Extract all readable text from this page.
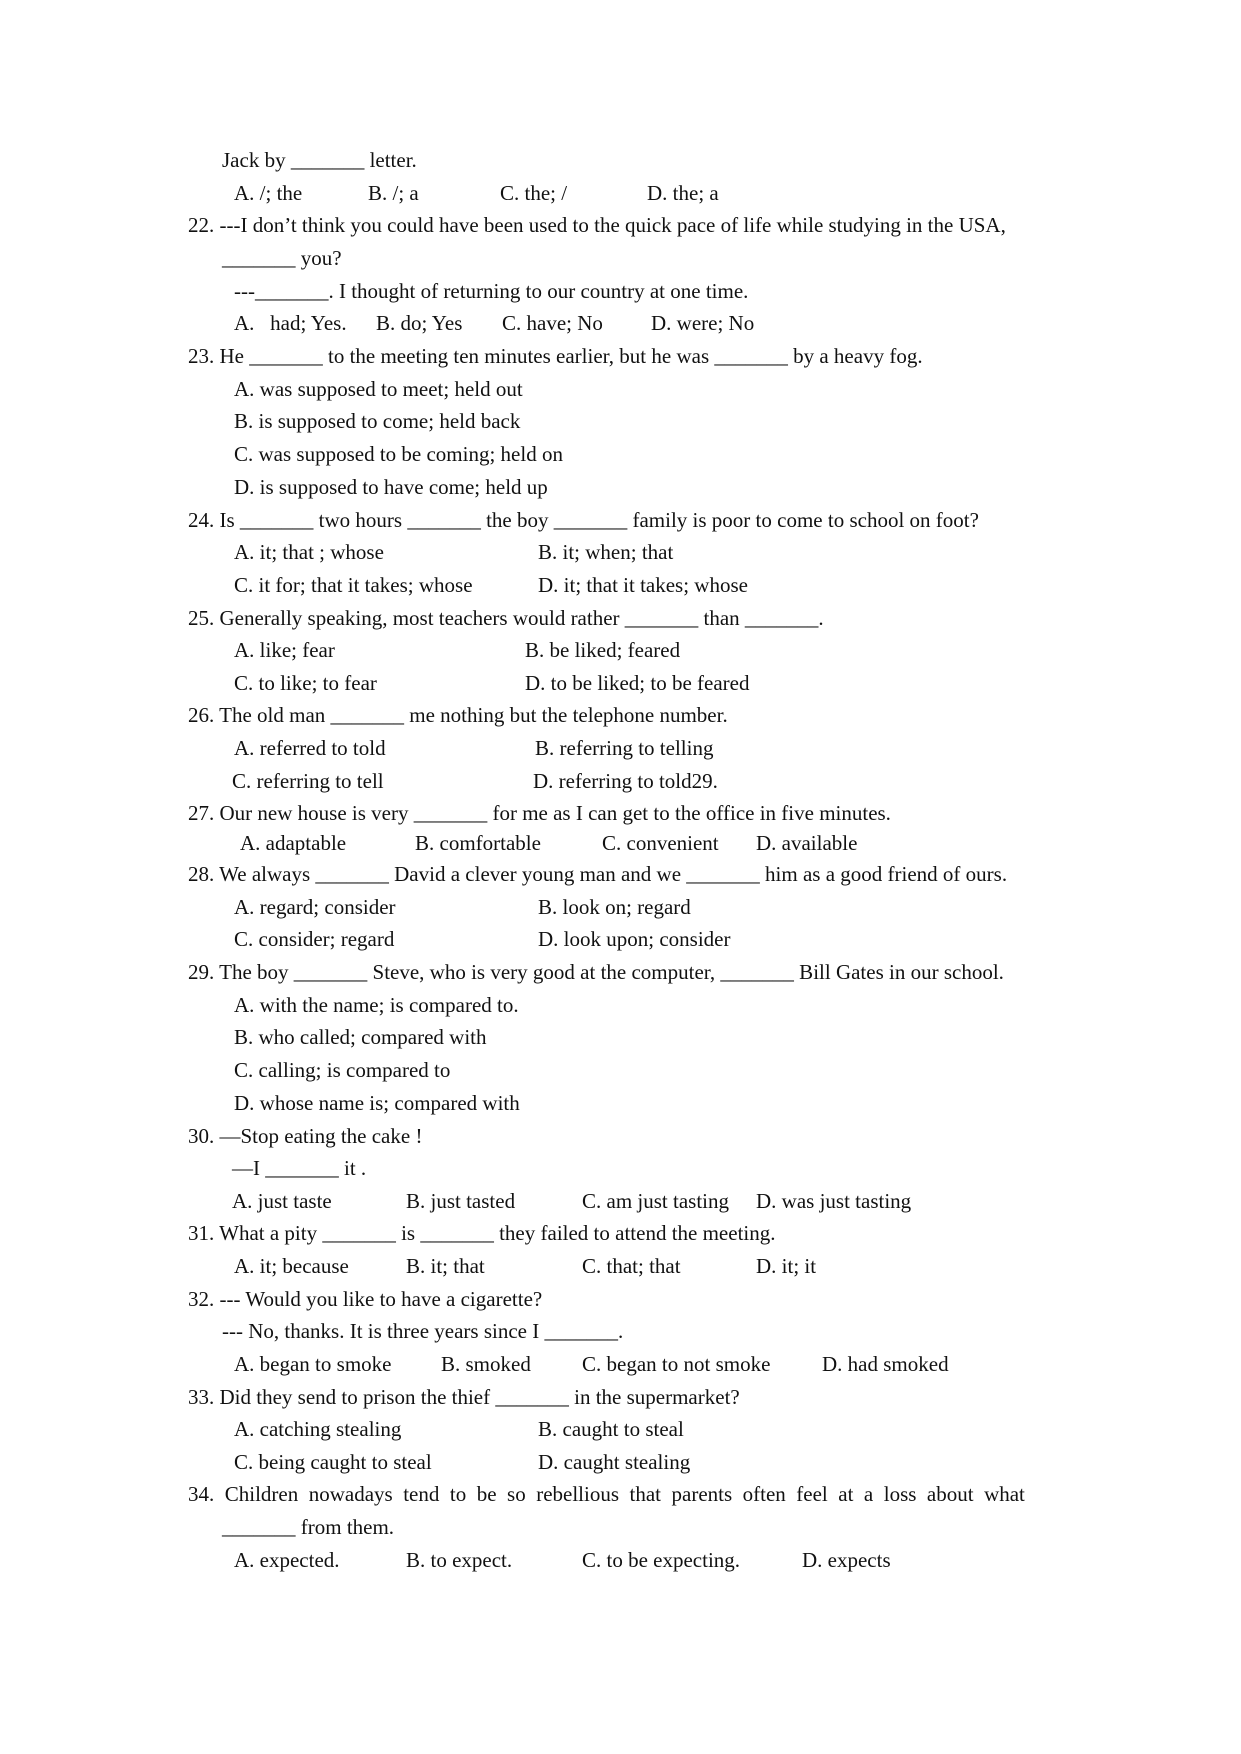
Jack by _______ letter.
A. /; the	B. /; a	C. the; /	D. the; a
22. ---I don’t think you could have been used to the quick pace of life while studying in the USA,
_______ you?
---_______. I thought of returning to our country at one time.
A.   had; Yes. B. do; Yes C. have; No D. were; No
23. He _______ to the meeting ten minutes earlier, but he was _______ by a heavy fog.
A. was supposed to meet; held out
B. is supposed to come; held back
C. was supposed to be coming; held on
D. is supposed to have come; held up
24. Is _______ two hours _______ the boy _______ family is poor to come to school on foot?
A. it; that ; whose	B. it; when; that
C. it for; that it takes; whose	D. it; that it takes; whose
25. Generally speaking, most teachers would rather _______ than _______.
A. like; fear	B. be liked; feared
C. to like; to fear	D. to be liked; to be feared
26. The old man _______ me nothing but the telephone number.
A. referred to told	B. referring to telling
C. referring to tell	D. referring to told29.
27. Our new house is very _______ for me as I can get to the office in five minutes.
A. adaptable	B. comfortable	C. convenient D. available
28. We always _______ David a clever young man and we _______ him as a good friend of ours.
A. regard; consider	B. look on; regard
C. consider; regard	D. look upon; consider
29. The boy _______ Steve, who is very good at the computer, _______ Bill Gates in our school.
A. with the name; is compared to.
B. who called; compared with
C. calling; is compared to
D. whose name is; compared with
30. —Stop eating the cake !
—I _______ it .
A. just taste	B. just tasted	C. am just tasting D. was just tasting
31. What a pity _______ is _______ they failed to attend the meeting.
A. it; because	B. it; that	C. that; that	D. it; it
32. --- Would you like to have a cigarette?
--- No, thanks. It is three years since I _______.
A. began to smoke B. smoked C. began to not smoke D. had smoked
33. Did they send to prison the thief _______ in the supermarket?
A. catching stealing	B. caught to steal
C. being caught to steal	D. caught stealing
34.  Children  nowadays  tend  to  be  so  rebellious  that  parents  often  feel  at  a  loss  about  what
_______ from them.
A. expected.	B. to expect.	C. to be expecting.	D. expects
